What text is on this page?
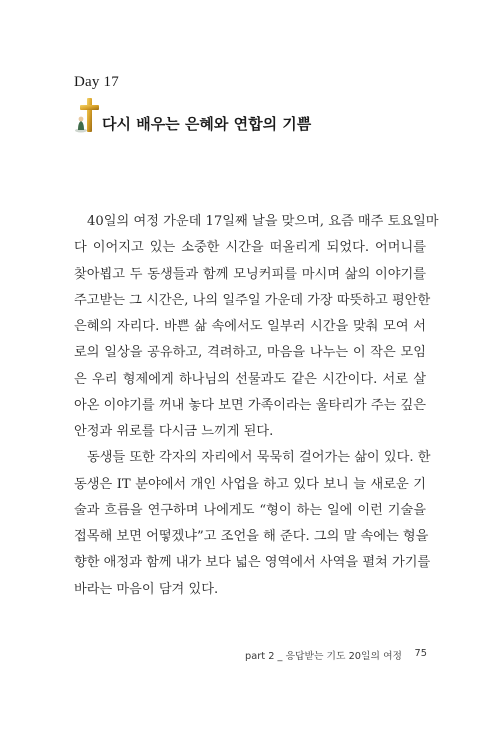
Day 17
다시 배우는 은혜와 연합의 기쁨
40일의 여정 가운데 17일째 날을 맞으며, 요즘 매주 토요일마
다 이어지고 있는 소중한 시간을 떠올리게 되었다. 어머니를
찾아뵙고 두 동생들과 함께 모닝커피를 마시며 삶의 이야기를
주고받는 그 시간은, 나의 일주일 가운데 가장 따뜻하고 평안한
은혜의 자리다. 바쁜 삶 속에서도 일부러 시간을 맞춰 모여 서
로의 일상을 공유하고, 격려하고, 마음을 나누는 이 작은 모임
은 우리 형제에게 하나님의 선물과도 같은 시간이다. 서로 살
아온 이야기를 꺼내 놓다 보면 가족이라는 울타리가 주는 깊은
안정과 위로를 다시금 느끼게 된다.
동생들 또한 각자의 자리에서 묵묵히 걸어가는 삶이 있다. 한
동생은 IT 분야에서 개인 사업을 하고 있다 보니 늘 새로운 기
술과 흐름을 연구하며 나에게도 “형이 하는 일에 이런 기술을
접목해 보면 어떻겠냐”고 조언을 해 준다. 그의 말 속에는 형을
향한 애정과 함께 내가 보다 넓은 영역에서 사역을 펼쳐 가기를
바라는 마음이 담겨 있다.
part 2 _ 응답받는 기도 20일의 여정 75
